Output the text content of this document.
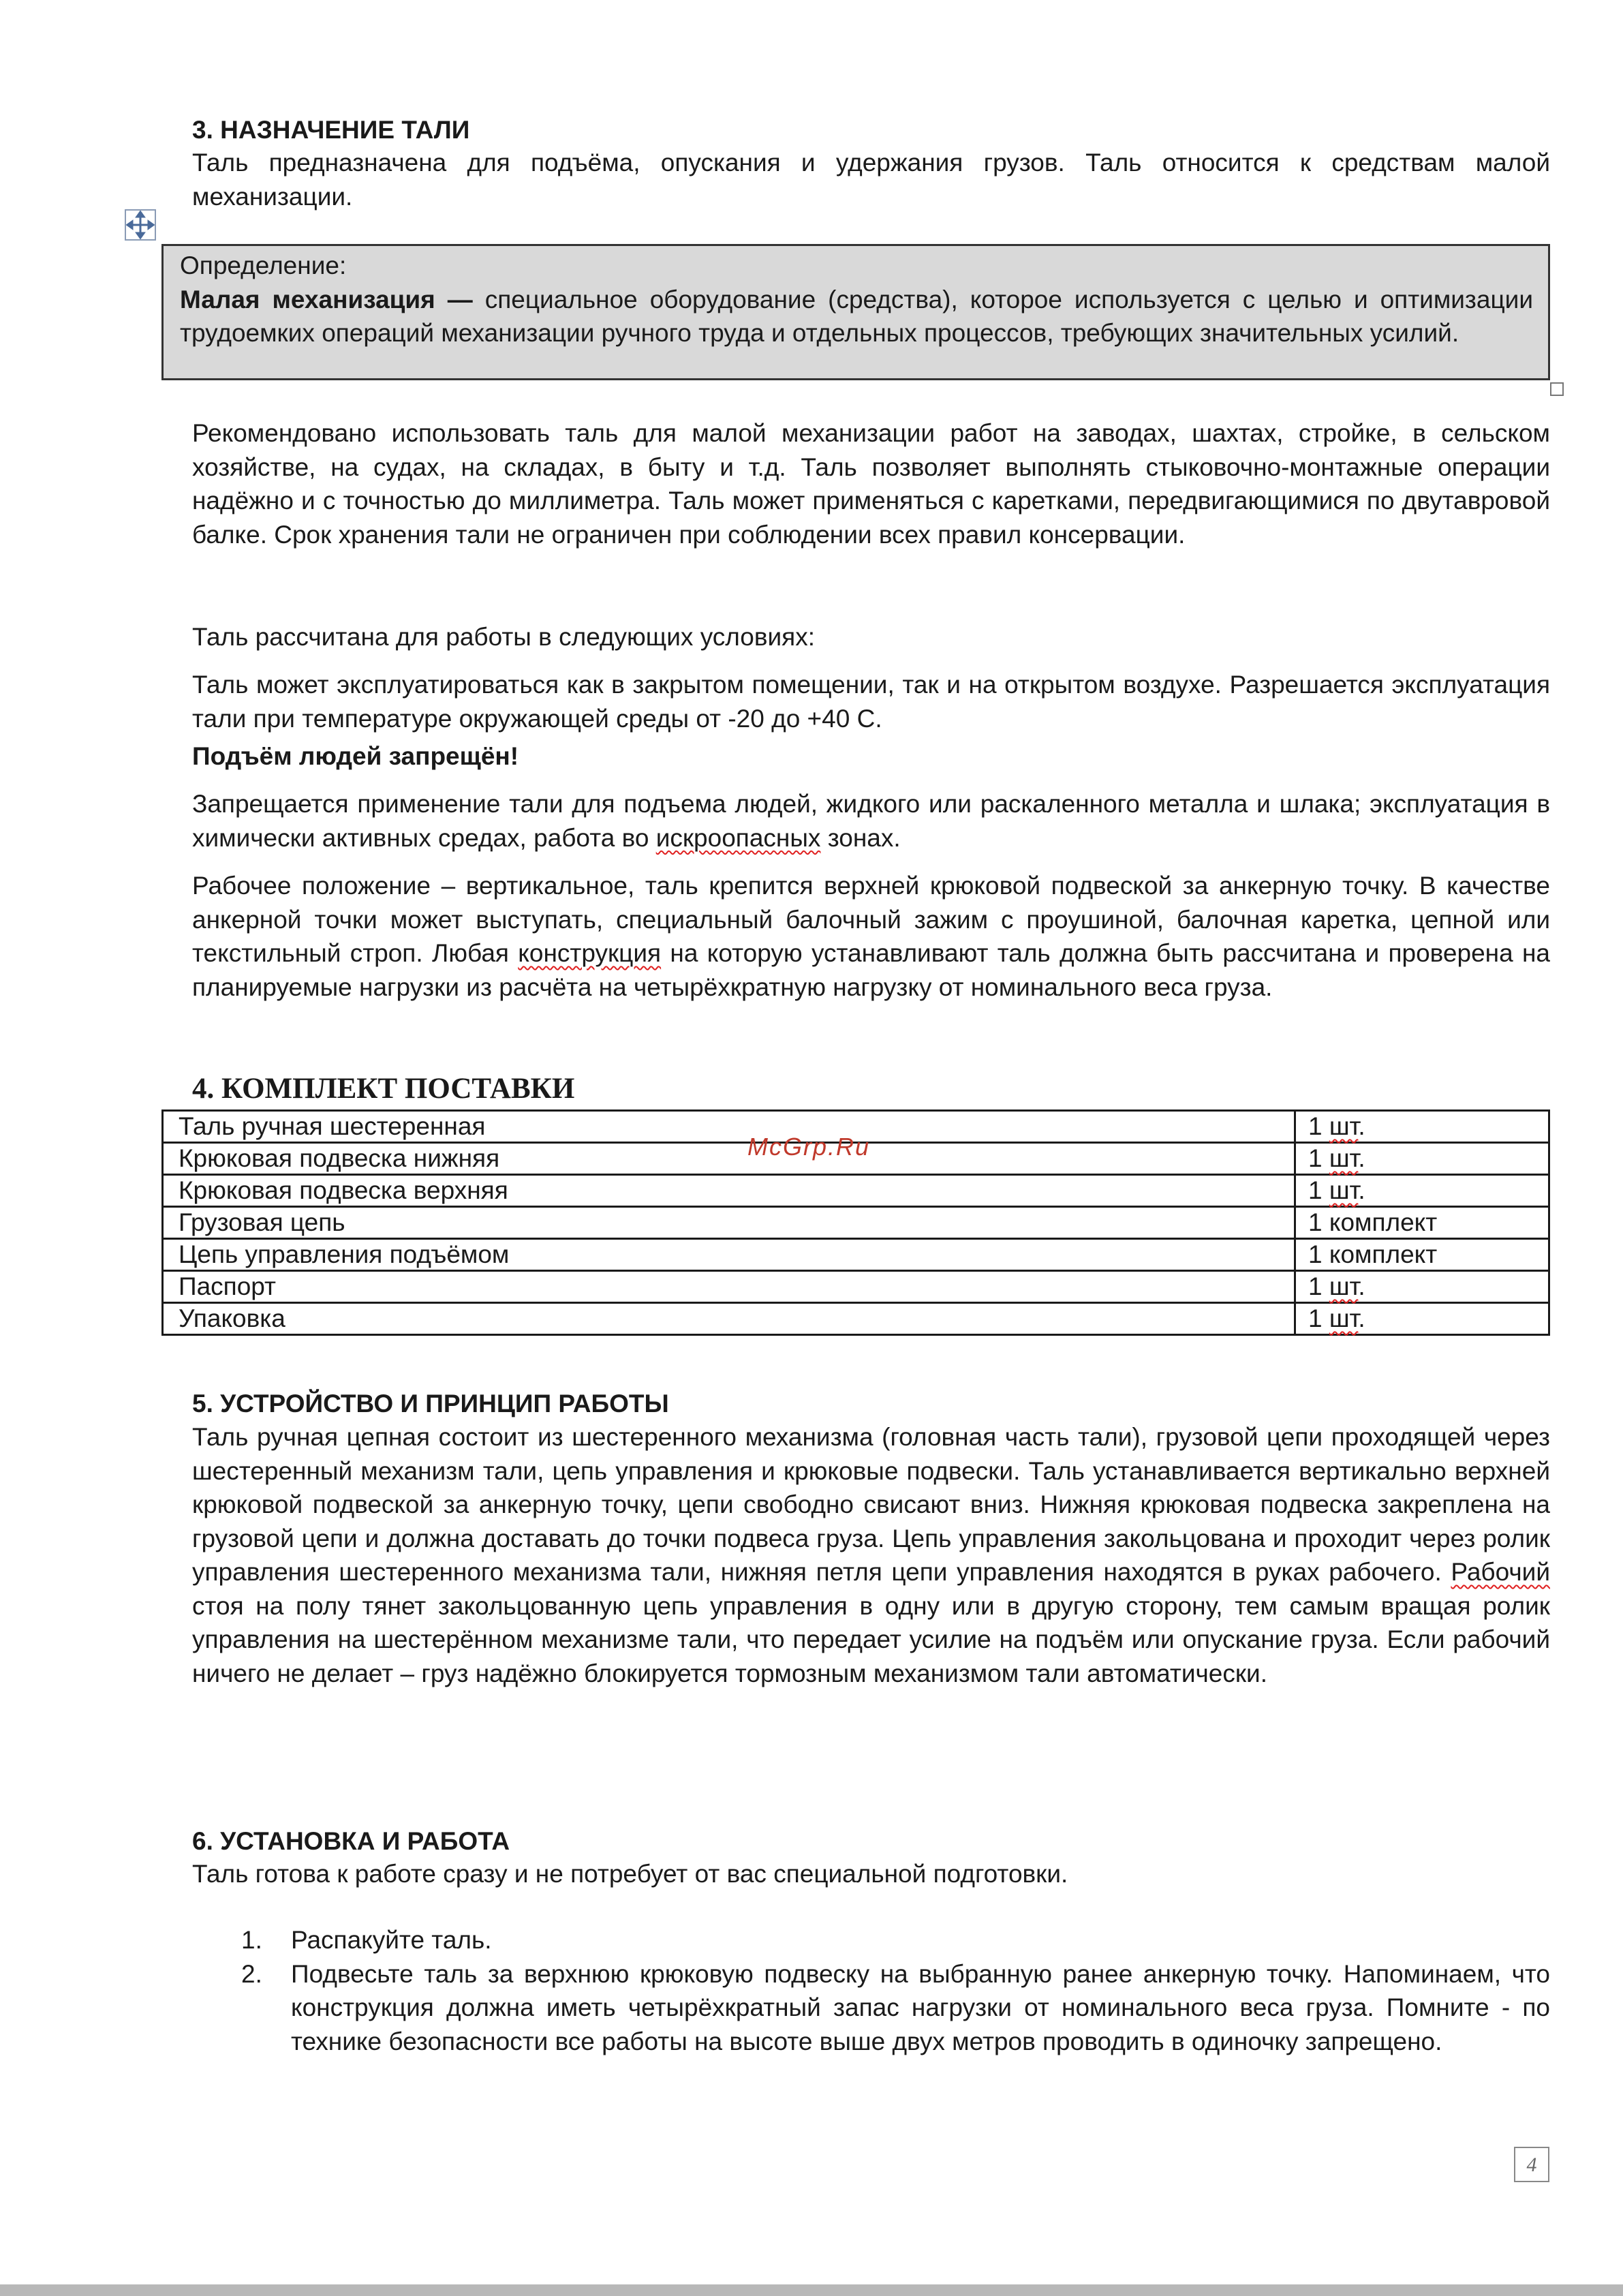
3. НАЗНАЧЕНИЕ ТАЛИ

Таль предназначена для подъёма, опускания и удержания грузов. Таль относится к средствам малой механизации.

Определение:
Малая механизация — специальное оборудование (средства), которое используется с целью и оптимизации трудоемких операций механизации ручного труда и отдельных процессов, требующих значительных усилий.

Рекомендовано использовать таль для малой механизации работ на заводах, шахтах, стройке, в сельском хозяйстве, на судах, на складах, в быту и т.д. Таль позволяет выполнять стыковочно-монтажные операции надёжно и с точностью до миллиметра. Таль может применяться с каретками, передвигающимися по двутавровой балке. Срок хранения тали не ограничен при соблюдении всех правил консервации.

Таль рассчитана для работы в следующих условиях:

Таль может эксплуатироваться как в закрытом помещении, так и на открытом воздухе. Разрешается эксплуатация тали при температуре окружающей среды от -20 до +40 С.

Подъём людей запрещён!

Запрещается применение тали для подъема людей, жидкого или раскаленного металла и шлака; эксплуатация в химически активных средах, работа во искроопасных зонах.

Рабочее положение – вертикальное, таль крепится верхней крюковой подвеской за анкерную точку. В качестве анкерной точки может выступать, специальный балочный зажим с проушиной, балочная каретка, цепной или текстильный строп. Любая конструкция на которую устанавливают таль должна быть рассчитана и проверена на планируемые нагрузки из расчёта на четырёхкратную нагрузку от номинального веса груза.

4. КОМПЛЕКТ ПОСТАВКИ
Таль ручная шестеренная	1 шт.
Крюковая подвеска нижняя	1 шт.
Крюковая подвеска верхняя	1 шт.
Грузовая цепь	1 комплект
Цепь управления подъёмом	1 комплект
Паспорт	1 шт.
Упаковка	1 шт.
McGrp.Ru
5. УСТРОЙСТВО И ПРИНЦИП РАБОТЫ

Таль ручная цепная состоит из шестеренного механизма (головная часть тали), грузовой цепи проходящей через шестеренный механизм тали, цепь управления и крюковые подвески. Таль устанавливается вертикально верхней крюковой подвеской за анкерную точку, цепи свободно свисают вниз. Нижняя крюковая подвеска закреплена на грузовой цепи и должна доставать до точки подвеса груза. Цепь управления закольцована и проходит через ролик управления шестеренного механизма тали, нижняя петля цепи управления находятся в руках рабочего. Рабочий стоя на полу тянет закольцованную цепь управления в одну или в другую сторону, тем самым вращая ролик управления на шестерённом механизме тали, что передает усилие на подъём или опускание груза. Если рабочий ничего не делает – груз надёжно блокируется тормозным механизмом тали автоматически.

6. УСТАНОВКА И РАБОТА

Таль готова к работе сразу и не потребует от вас специальной подготовки.

1. Распакуйте таль.
2. Подвесьте таль за верхнюю крюковую подвеску на выбранную ранее анкерную точку. Напоминаем, что конструкция должна иметь четырёхкратный запас нагрузки от номинального веса груза. Помните - по технике безопасности все работы на высоте выше двух метров проводить в одиночку запрещено.
4
